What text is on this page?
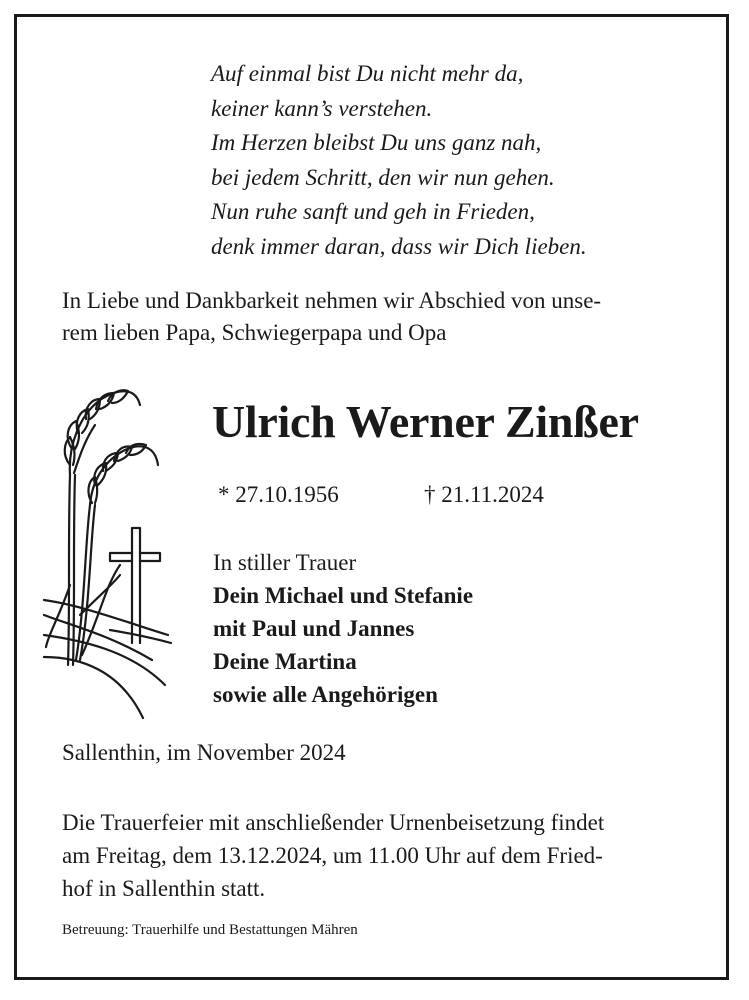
Auf einmal bist Du nicht mehr da,
keiner kann’s verstehen.
Im Herzen bleibst Du uns ganz nah,
bei jedem Schritt, den wir nun gehen.
Nun ruhe sanft und geh in Frieden,
denk immer daran, dass wir Dich lieben.
In Liebe und Dankbarkeit nehmen wir Abschied von unse-
rem lieben Papa, Schwiegerpapa und Opa
Ulrich Werner Zinßer
* 27.10.1956	† 21.11.2024
In stiller Trauer
Dein Michael und Stefanie
mit Paul und Jannes
Deine Martina
sowie alle Angehörigen
Sallenthin, im November 2024
Die Trauerfeier mit anschließender Urnenbeisetzung findet
am Freitag, dem 13.12.2024, um 11.00 Uhr auf dem Fried-
hof in Sallenthin statt.
Betreuung: Trauerhilfe und Bestattungen Mähren
